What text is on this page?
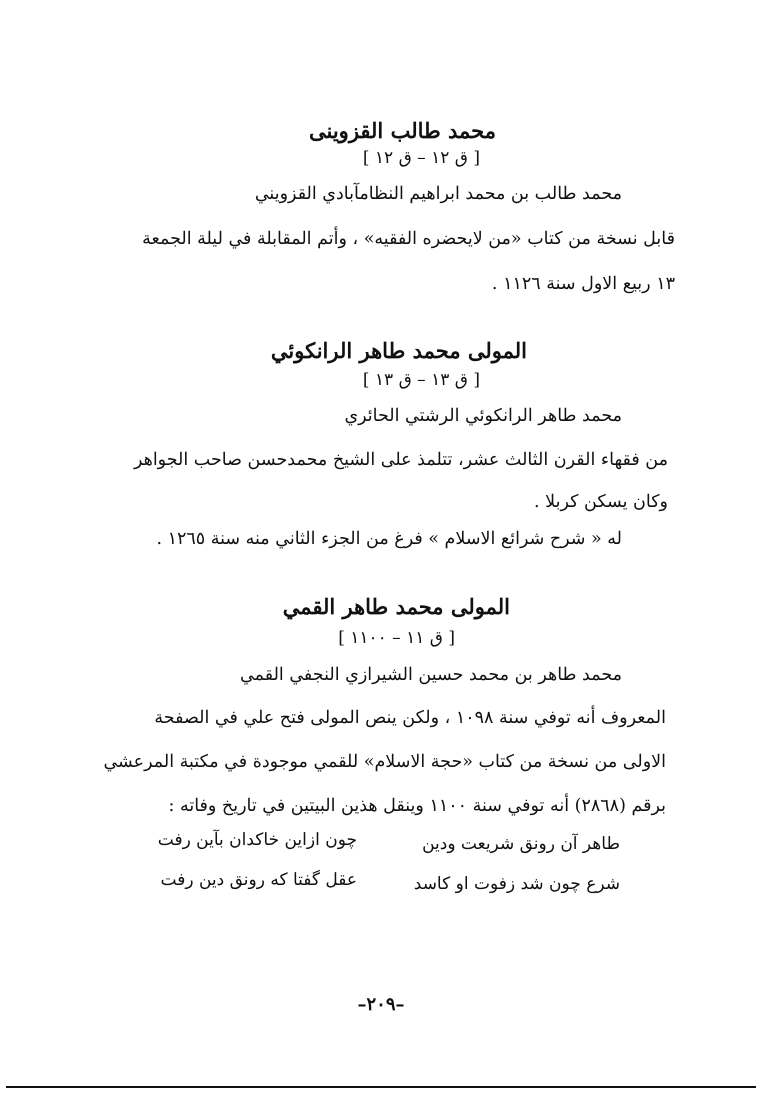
محمد طالب القزوينى
[ ق ١٢ – ق ١٢ ]
محمد طالب بن محمد ابراهيم النظامآبادي القزويني
قابل نسخة من كتاب «من لايحضره الفقيه» ، وأتم المقابلة في ليلة الجمعة
١٣ ربيع الاول سنة ١١٢٦ .
المولى محمد طاهر الرانكوئي
[ ق ١٣ – ق ١٣ ]
محمد طاهر الرانكوئي الرشتي الحائري
من فقهاء القرن الثالث عشر، تتلمذ على الشيخ محمدحسن صاحب الجواهر
وكان يسكن كربلا .
له « شرح شرائع الاسلام » فرغ من الجزء الثاني منه سنة ١٢٦٥ .
المولى محمد طاهر القمي
[ ق ١١ – ١١٠٠ ]
محمد طاهر بن محمد حسين الشيرازي النجفي القمي
المعروف أنه توفي سنة ١٠٩٨ ، ولكن ينص المولى فتح علي في الصفحة
الاولى من نسخة من كتاب «حجة الاسلام» للقمي موجودة في مكتبة المرعشي
برقم (٢٨٦٨) أنه توفي سنة ١١٠٠ وينقل هذين البيتين في تاريخ وفاته :
طاهر آن رونق شريعت ودين
چون ازاين خاكدان بآين رفت
شرع چون شد زفوت او كاسد
عقل گفتا كه رونق دين رفت
–٢٠٩–
